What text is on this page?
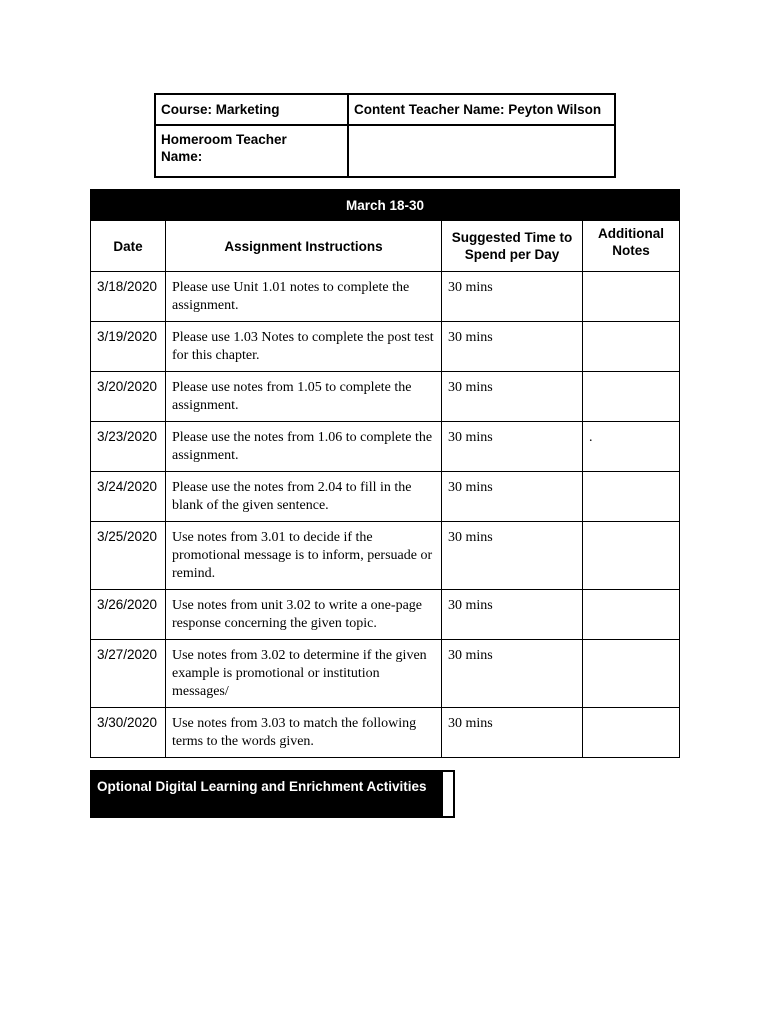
Course: Marketing	Content Teacher Name: Peyton Wilson
Homeroom Teacher Name:	
March 18-30			
Date	Assignment Instructions	Suggested Time to Spend per Day	Additional Notes
3/18/2020	Please use Unit 1.01 notes to complete the assignment.	30 mins	
3/19/2020	Please use 1.03 Notes to complete the post test for this chapter.	30 mins	
3/20/2020	Please use notes from 1.05 to complete the assignment.	30 mins	
3/23/2020	Please use the notes from 1.06 to complete the assignment.	30 mins	.
3/24/2020	Please use the notes from 2.04 to fill in the blank of the given sentence.	30 mins	
3/25/2020	Use notes from 3.01 to decide if the promotional message is to inform, persuade or remind.	30 mins	
3/26/2020	Use notes from unit 3.02 to write a one-page response concerning the given topic.	30 mins	
3/27/2020	Use notes from 3.02 to determine if the given example is promotional or institution messages/	30 mins	
3/30/2020	Use notes from 3.03 to match the following terms to the words given.	30 mins	
Optional Digital Learning and Enrichment Activities
